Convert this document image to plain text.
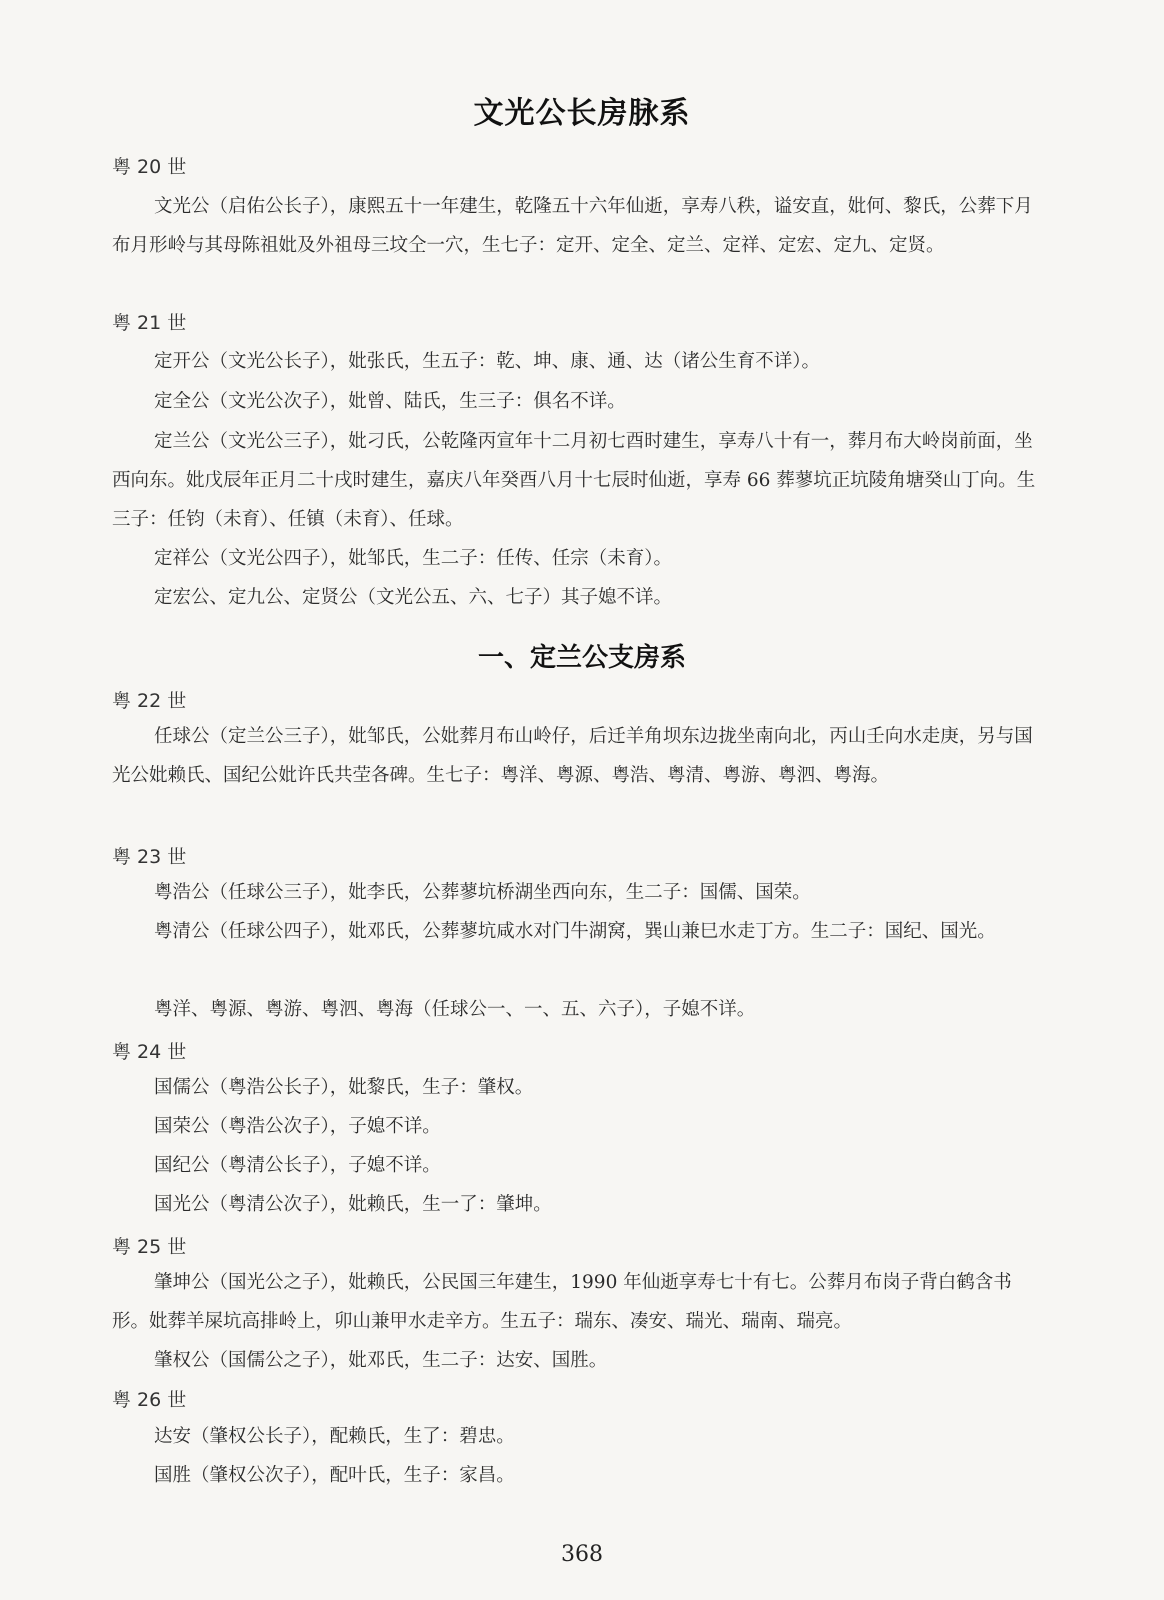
文光公长房脉系
粤 20 世
文光公（启佑公长子），康熙五十一年建生，乾隆五十六年仙逝，享寿八秩，谥安直，妣何、黎氏，公葬下月布月形岭与其母陈祖妣及外祖母三坟仝一穴，生七子：定开、定全、定兰、定祥、定宏、定九、定贤。
粤 21 世
定开公（文光公长子），妣张氏，生五子：乾、坤、康、通、达（诸公生育不详）。
定全公（文光公次子），妣曾、陆氏，生三子：俱名不详。
定兰公（文光公三子），妣刁氏，公乾隆丙宣年十二月初七酉时建生，享寿八十有一，葬月布大岭岗前面，坐西向东。妣戊辰年正月二十戌时建生，嘉庆八年癸酉八月十七辰时仙逝，享寿 66 葬蓼坑正坑陵角塘癸山丁向。生三子：任钧（未育）、任镇（未育）、任球。
定祥公（文光公四子），妣邹氏，生二子：任传、任宗（未育）。
定宏公、定九公、定贤公（文光公五、六、七子）其子媳不详。
一、定兰公支房系
粤 22 世
任球公（定兰公三子），妣邹氏，公妣葬月布山岭仔，后迁羊角坝东边拢坐南向北，丙山壬向水走庚，另与国光公妣赖氏、国纪公妣许氏共茔各碑。生七子：粤洋、粤源、粤浩、粤清、粤游、粤泗、粤海。
粤 23 世
粤浩公（任球公三子），妣李氏，公葬蓼坑桥湖坐西向东，生二子：国儒、国荣。
粤清公（任球公四子），妣邓氏，公葬蓼坑咸水对门牛湖窝，巽山兼巳水走丁方。生二子：国纪、国光。
粤洋、粤源、粤游、粤泗、粤海（任球公一、一、五、六子），子媳不详。
粤 24 世
国儒公（粤浩公长子），妣黎氏，生子：肇权。
国荣公（粤浩公次子），子媳不详。
国纪公（粤清公长子），子媳不详。
国光公（粤清公次子），妣赖氏，生一了：肇坤。
粤 25 世
肇坤公（国光公之子），妣赖氏，公民国三年建生，1990 年仙逝享寿七十有七。公葬月布岗子背白鹤含书形。妣葬羊屎坑高排岭上，卯山兼甲水走辛方。生五子：瑞东、凑安、瑞光、瑞南、瑞亮。
肇权公（国儒公之子），妣邓氏，生二子：达安、国胜。
粤 26 世
达安（肇权公长子），配赖氏，生了：碧忠。
国胜（肇权公次子），配叶氏，生子：家昌。
368
